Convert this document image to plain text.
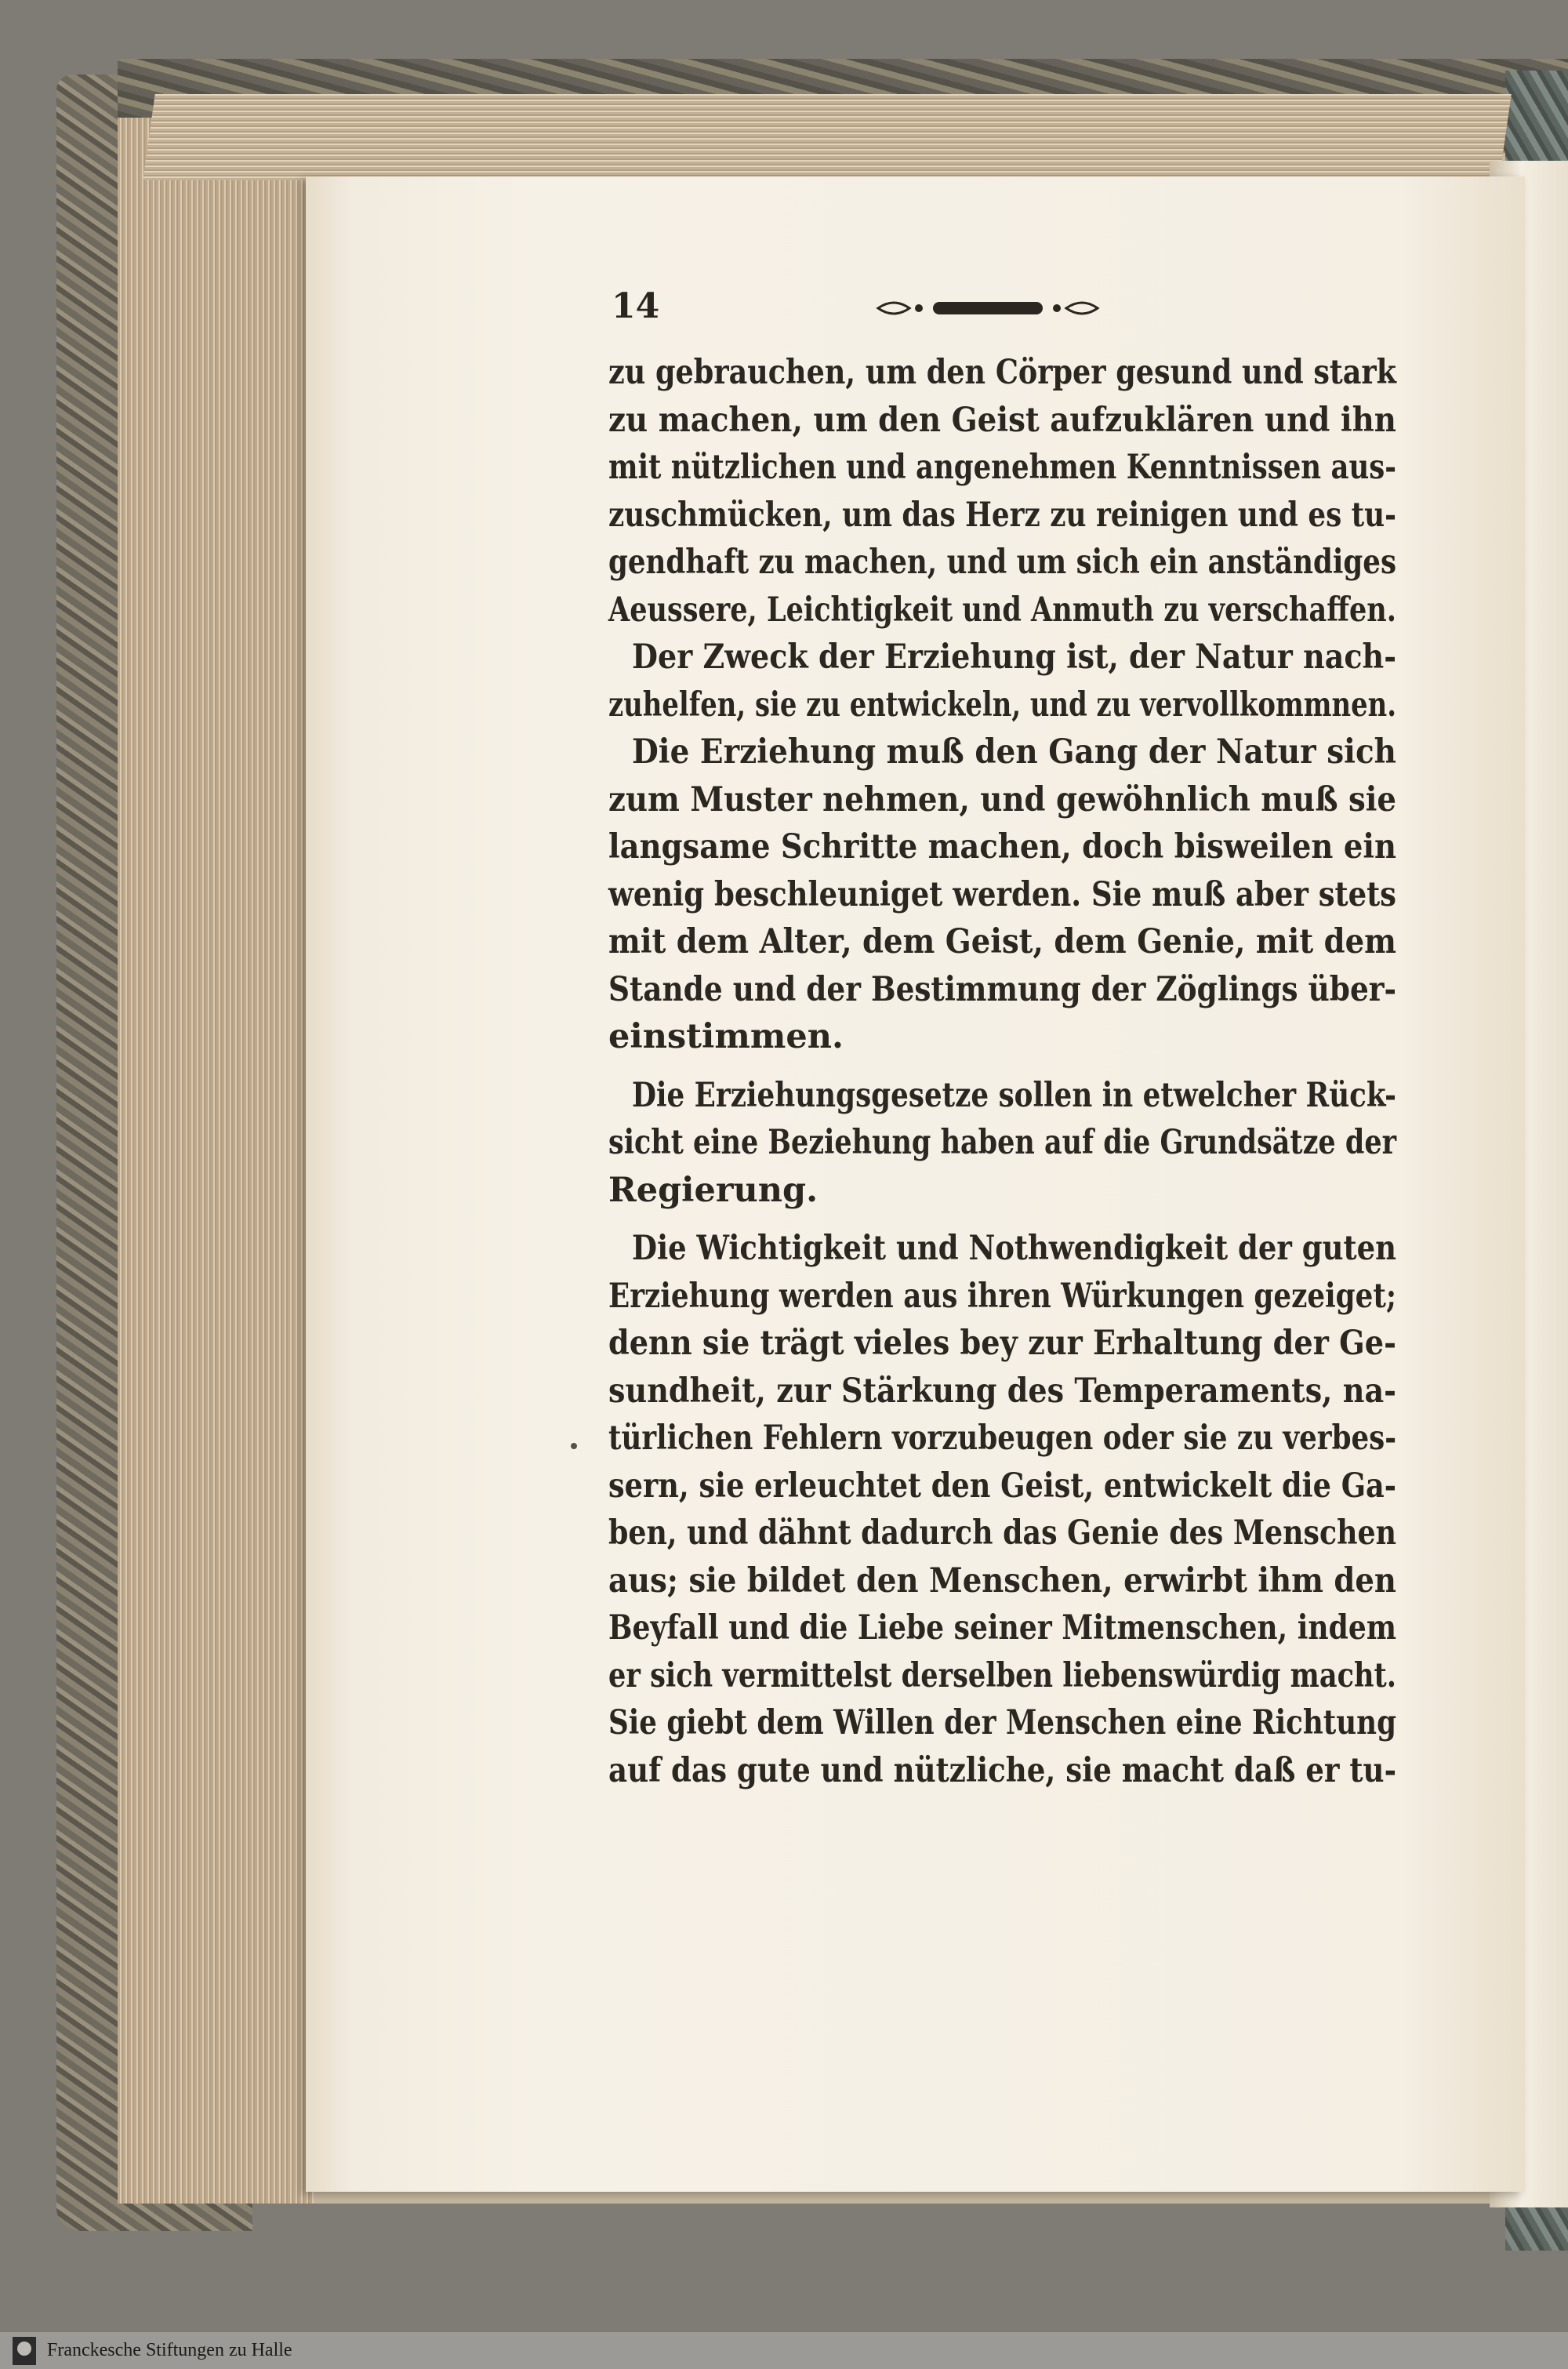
14
zu gebrauchen, um den Cörper gesund und stark
zu machen, um den Geist aufzuklären und ihn
mit nützlichen und angenehmen Kenntnissen aus-
zuschmücken, um das Herz zu reinigen und es tu-
gendhaft zu machen, und um sich ein anständiges
Aeussere, Leichtigkeit und Anmuth zu verschaffen.
Der Zweck der Erziehung ist, der Natur nach-
zuhelfen, sie zu entwickeln, und zu vervollkommnen.
Die Erziehung muß den Gang der Natur sich
zum Muster nehmen, und gewöhnlich muß sie
langsame Schritte machen, doch bisweilen ein
wenig beschleuniget werden. Sie muß aber stets
mit dem Alter, dem Geist, dem Genie, mit dem
Stande und der Bestimmung der Zöglings über-
einstimmen.
Die Erziehungsgesetze sollen in etwelcher Rück-
sicht eine Beziehung haben auf die Grundsätze der
Regierung.
Die Wichtigkeit und Nothwendigkeit der guten
Erziehung werden aus ihren Würkungen gezeiget;
denn sie trägt vieles bey zur Erhaltung der Ge-
sundheit, zur Stärkung des Temperaments, na-
türlichen Fehlern vorzubeugen oder sie zu verbes-
sern, sie erleuchtet den Geist, entwickelt die Ga-
ben, und dähnt dadurch das Genie des Menschen
aus; sie bildet den Menschen, erwirbt ihm den
Beyfall und die Liebe seiner Mitmenschen, indem
er sich vermittelst derselben liebenswürdig macht.
Sie giebt dem Willen der Menschen eine Richtung
auf das gute und nützliche, sie macht daß er tu-
Franckesche Stiftungen zu Halle
